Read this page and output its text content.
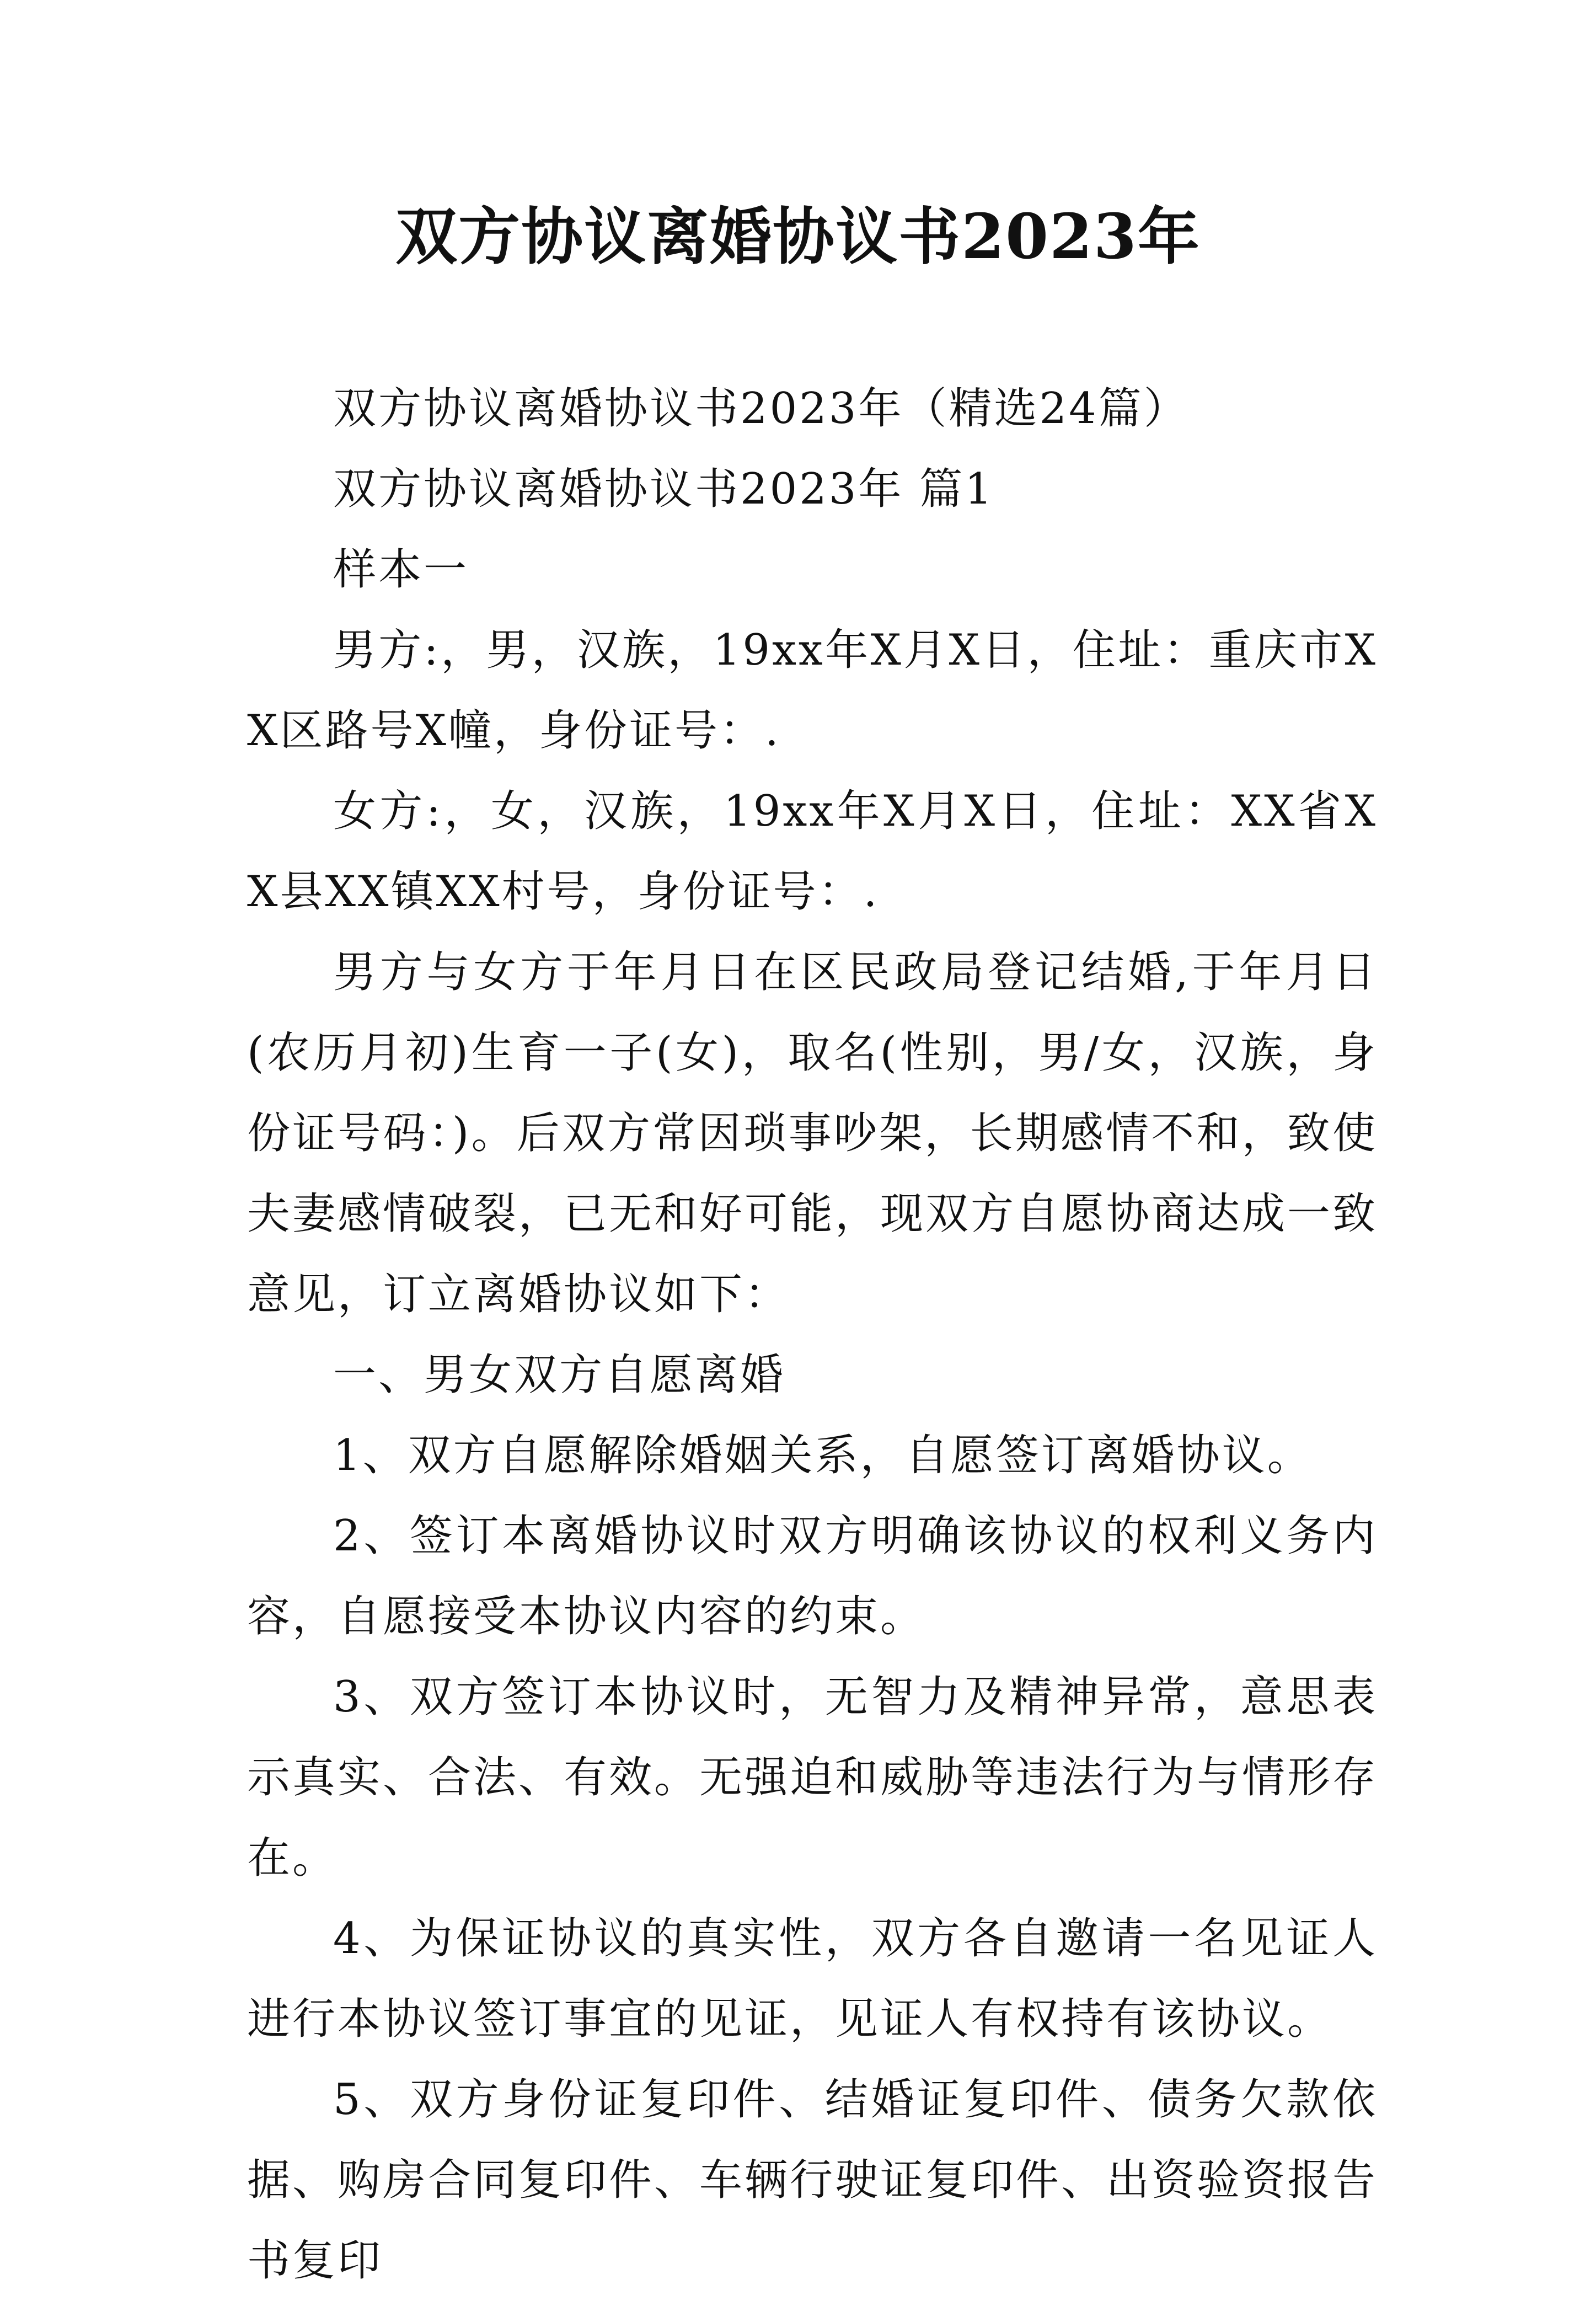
双方协议离婚协议书2023年

双方协议离婚协议书2023年（精选24篇）

双方协议离婚协议书2023年 篇1

样本一

男方:，男，汉族，19xx年X月X日，住址：重庆市XX区路号X幢，身份证号：.

女方:，女，汉族，19xx年X月X日，住址：XX省XX县XX镇XX村号，身份证号：.

男方与女方于年月日在区民政局登记结婚,于年月日(农历月初)生育一子(女)，取名(性别，男/女，汉族，身份证号码：)。后双方常因琐事吵架，长期感情不和，致使夫妻感情破裂，已无和好可能，现双方自愿协商达成一致意见，订立离婚协议如下：

一、男女双方自愿离婚

1、双方自愿解除婚姻关系，自愿签订离婚协议。

2、签订本离婚协议时双方明确该协议的权利义务内容，自愿接受本协议内容的约束。

3、双方签订本协议时，无智力及精神异常，意思表示真实、合法、有效。无强迫和威胁等违法行为与情形存在。

4、为保证协议的真实性，双方各自邀请一名见证人进行本协议签订事宜的见证，见证人有权持有该协议。

5、双方身份证复印件、结婚证复印件、债务欠款依据、购房合同复印件、车辆行驶证复印件、出资验资报告书复印
